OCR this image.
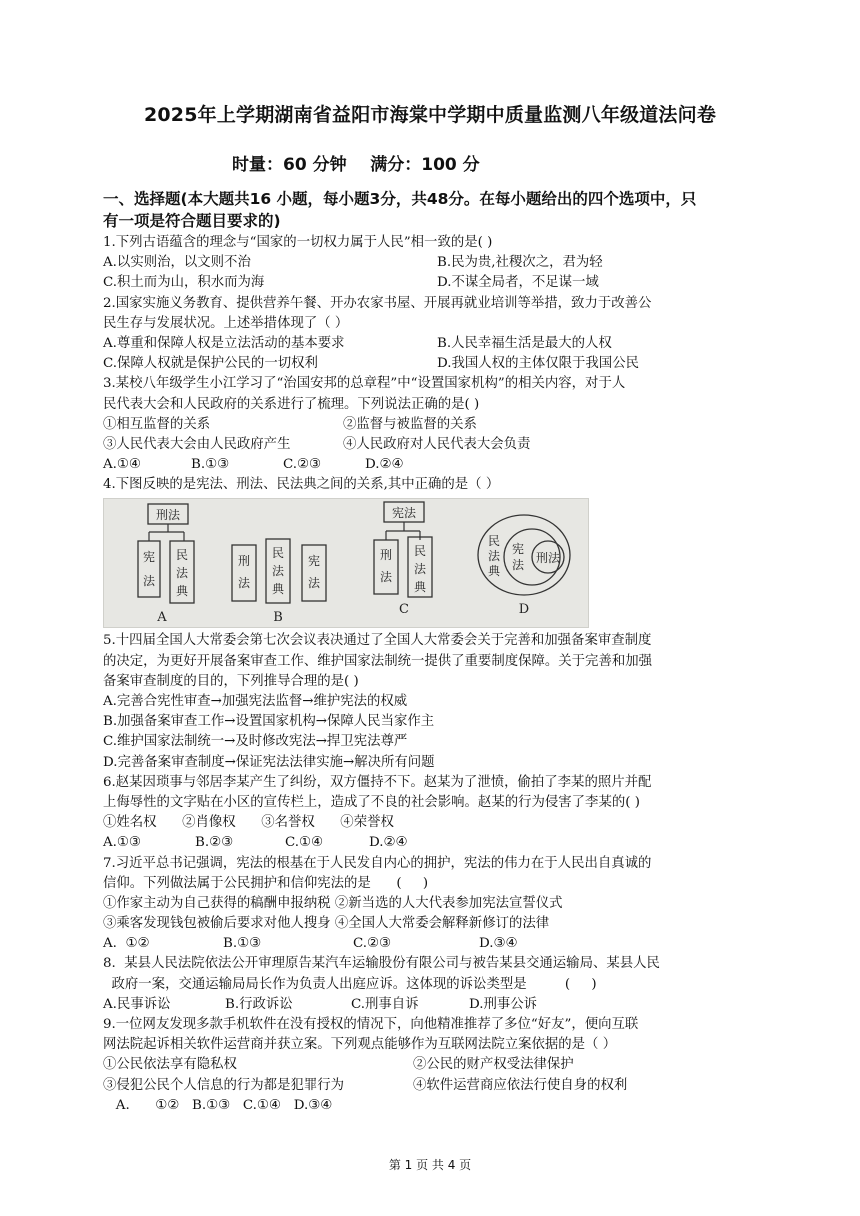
2025年上学期湖南省益阳市海棠中学期中质量监测八年级道法问卷
时量：60 分钟    满分：100 分
一、选择题(本大题共16 小题，每小题3分，共48分。在每小题给出的四个选项中，只
有一项是符合题目要求的)
1.下列古语蕴含的理念与“国家的一切权力属于人民”相一致的是( )
A.以实则治，以文则不治	B.民为贵,社稷次之，君为轻
C.积土而为山，积水而为海	D.不谋全局者，不足谋一域
2.国家实施义务教育、提供营养午餐、开办农家书屋、开展再就业培训等举措，致力于改善公
民生存与发展状况。上述举措体现了（ ）
A.尊重和保障人权是立法活动的基本要求	B.人民幸福生活是最大的人权
C.保障人权就是保护公民的一切权利	D.我国人权的主体仅限于我国公民
3.某校八年级学生小江学习了“治国安邦的总章程”中“设置国家机构”的相关内容，对于人
民代表大会和人民政府的关系进行了梳理。下列说法正确的是( )
①相互监督的关系	②监督与被监督的关系
③人民代表大会由人民政府产生	④人民政府对人民代表大会负责
A.①④	B.①③	C.②③	D.②④
4.下图反映的是宪法、刑法、民法典之间的关系,其中正确的是（ ）
刑法
宪
法
民
法
典
A
刑
法
民
法
典
宪
法
B
宪法
刑
法
民
法
典
C
民
法
典
宪
法 刑法
D
5.十四届全国人大常委会第七次会议表决通过了全国人大常委会关于完善和加强备案审查制度
的决定，为更好开展备案审查工作、维护国家法制统一提供了重要制度保障。关于完善和加强
备案审查制度的目的，下列推导合理的是( )
A.完善合宪性审查→加强宪法监督→维护宪法的权威
B.加强备案审查工作→设置国家机构→保障人民当家作主
C.维护国家法制统一→及时修改宪法→捍卫宪法尊严
D.完善备案审查制度→保证宪法法律实施→解决所有问题
6.赵某因琐事与邻居李某产生了纠纷，双方僵持不下。赵某为了泄愤，偷拍了李某的照片并配
上侮辱性的文字贴在小区的宣传栏上，造成了不良的社会影响。赵某的行为侵害了李某的( )
①姓名权      ②肖像权      ③名誉权      ④荣誉权
A.①③	B.②③	C.①④	D.②④
7.习近平总书记强调，宪法的根基在于人民发自内心的拥护，宪法的伟力在于人民出自真诚的
信仰。下列做法属于公民拥护和信仰宪法的是      (     )
①作家主动为自己获得的稿酬申报纳税 ②新当选的人大代表参加宪法宣誓仪式
③乘客发现钱包被偷后要求对他人搜身 ④全国人大常委会解释新修订的法律
A.  ①②	B.①③	C.②③	D.③④
8.  某县人民法院依法公开审理原告某汽车运输股份有限公司与被告某县交通运输局、某县人民
政府一案，交通运输局局长作为负责人出庭应诉。这体现的诉讼类型是         (     )
A.民事诉讼	B.行政诉讼	C.刑事自诉	D.刑事公诉
9.一位网友发现多款手机软件在没有授权的情况下，向他精准推荐了多位“好友”，便向互联
网法院起诉相关软件运营商并获立案。下列观点能够作为互联网法院立案依据的是（ ）
①公民依法享有隐私权	②公民的财产权受法律保护
③侵犯公民个人信息的行为都是犯罪行为	④软件运营商应依法行使自身的权利
A.      ①②   B.①③   C.①④   D.③④
第 1 页 共 4 页
